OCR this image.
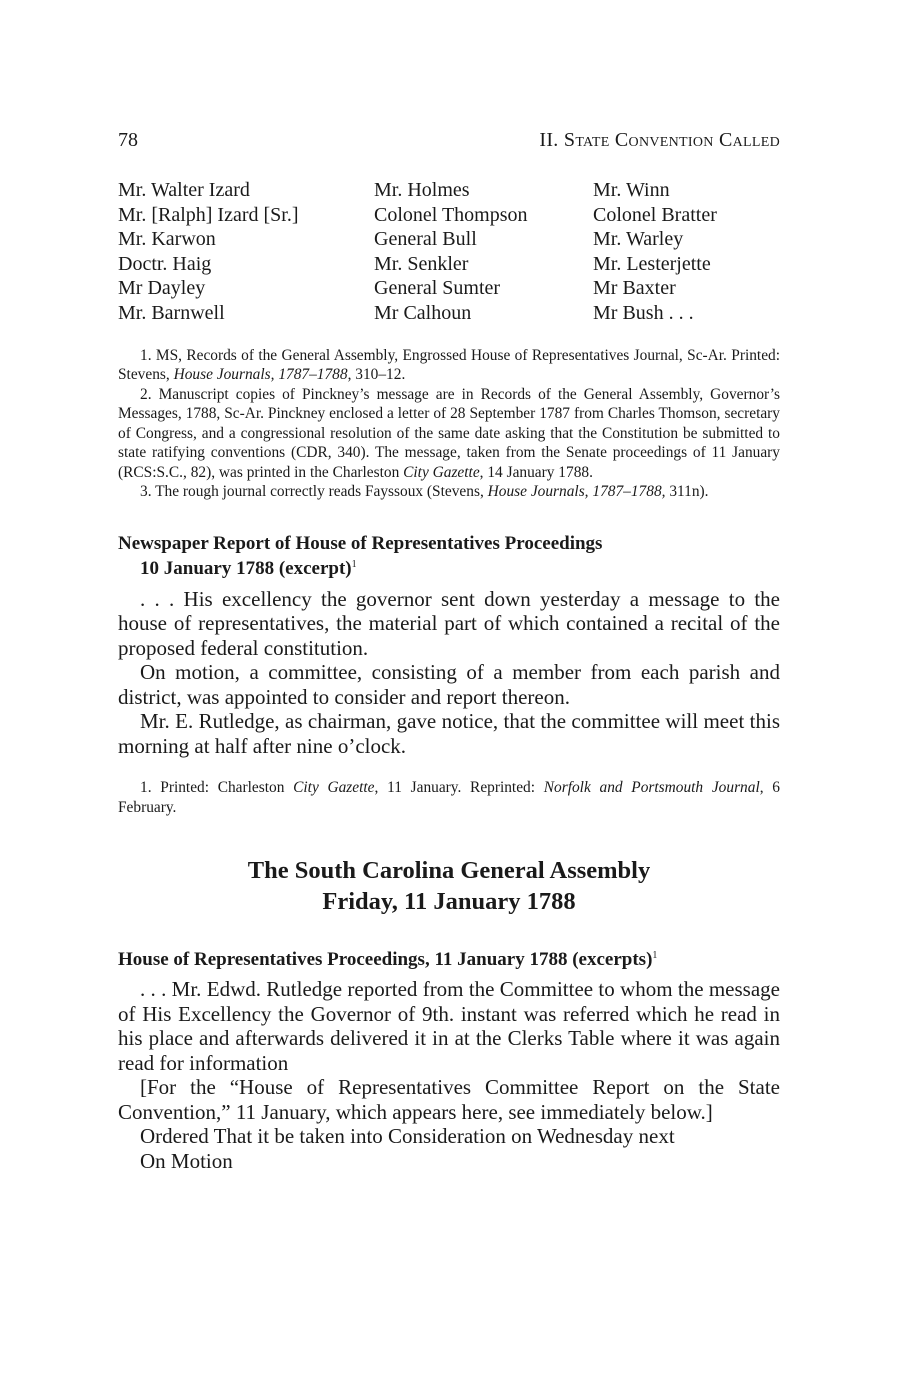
78	II. State Convention Called
Mr. Walter Izard
Mr. [Ralph] Izard [Sr.]
Mr. Karwon
Doctr. Haig
Mr Dayley
Mr. Barnwell
Mr. Holmes
Colonel Thompson
General Bull
Mr. Senkler
General Sumter
Mr Calhoun
Mr. Winn
Colonel Bratter
Mr. Warley
Mr. Lesterjette
Mr Baxter
Mr Bush . . .

1. MS, Records of the General Assembly, Engrossed House of Representatives Journal, Sc-Ar. Printed: Stevens, House Journals, 1787–1788, 310–12.

2. Manuscript copies of Pinckney’s message are in Records of the General Assembly, Governor’s Messages, 1788, Sc-Ar. Pinckney enclosed a letter of 28 September 1787 from Charles Thomson, secretary of Congress, and a congressional resolution of the same date asking that the Constitution be submitted to state ratifying conventions (CDR, 340). The message, taken from the Senate proceedings of 11 January (RCS:S.C., 82), was printed in the Charleston City Gazette, 14 January 1788.

3. The rough journal correctly reads Fayssoux (Stevens, House Journals, 1787–1788, 311n).

Newspaper Report of House of Representatives Proceedings
10 January 1788 (excerpt)$^1$

. . . His excellency the governor sent down yesterday a message to the house of representatives, the material part of which contained a recital of the proposed federal constitution.

On motion, a committee, consisting of a member from each parish and district, was appointed to consider and report thereon.

Mr. E. Rutledge, as chairman, gave notice, that the committee will meet this morning at half after nine o’clock.

1. Printed: Charleston City Gazette, 11 January. Reprinted: Norfolk and Portsmouth Journal, 6 February.

The South Carolina General Assembly
Friday, 11 January 1788
House of Representatives Proceedings, 11 January 1788 (excerpts)$^1$

. . . Mr. Edwd. Rutledge reported from the Committee to whom the message of His Excellency the Governor of 9th. instant was referred which he read in his place and afterwards delivered it in at the Clerks Table where it was again read for information

[For the “House of Representatives Committee Report on the State Convention,” 11 January, which appears here, see immediately below.]

Ordered That it be taken into Consideration on Wednesday next

On Motion
